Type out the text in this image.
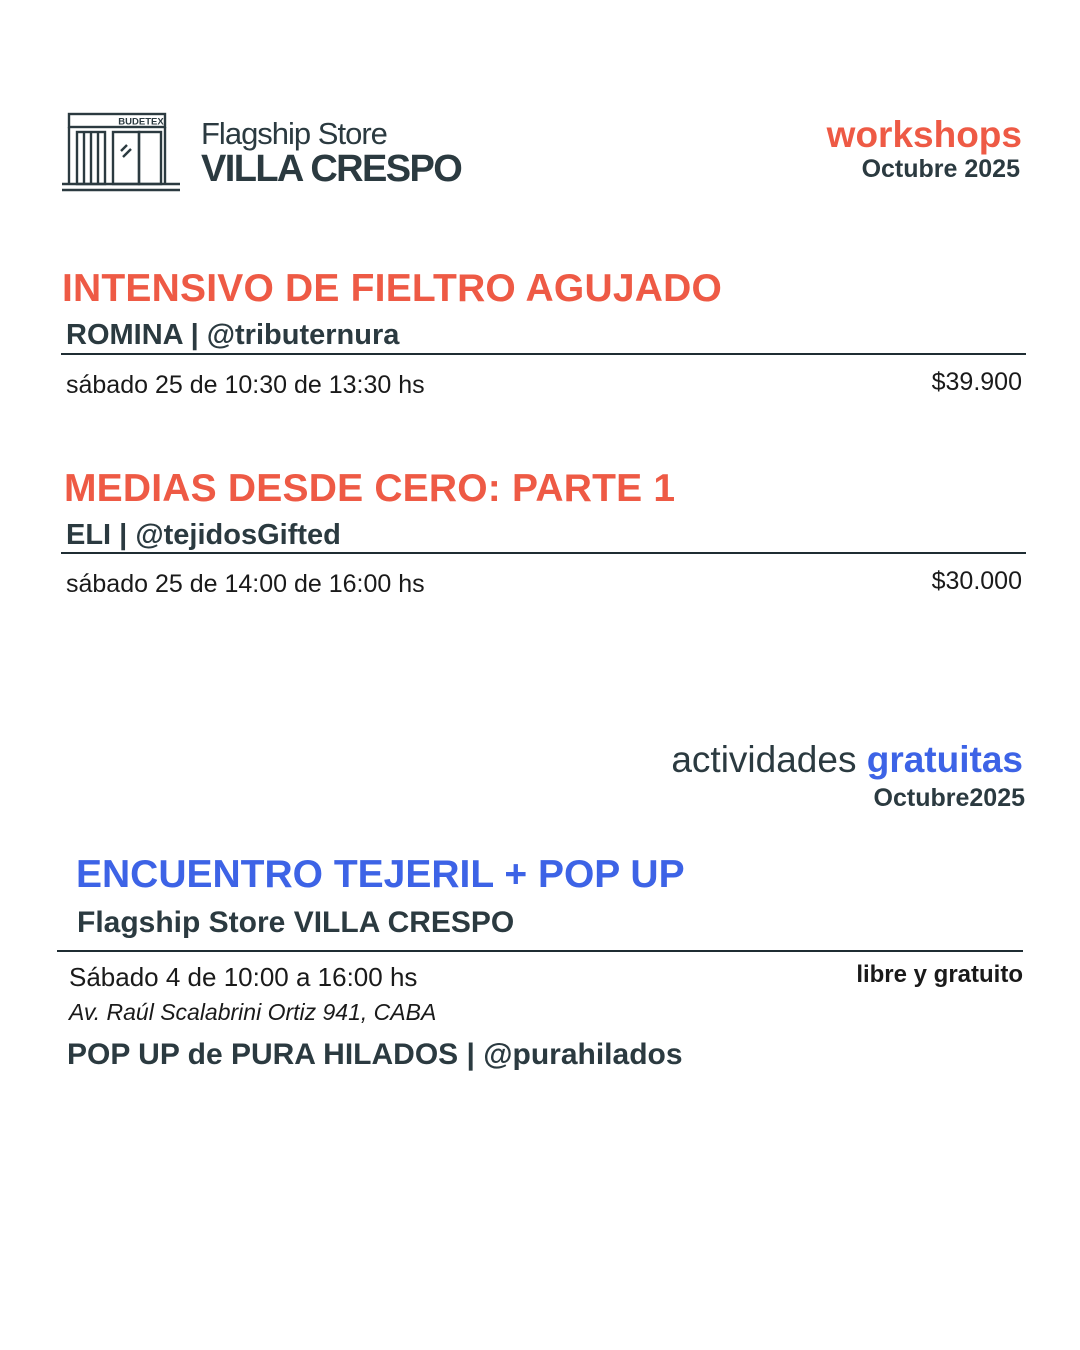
BUDETEX Flagship Store
VILLA CRESPO
workshops
Octubre 2025
INTENSIVO DE FIELTRO AGUJADO
ROMINA | @tributernura
sábado 25 de 10:30 de 13:30 hs	$39.900
MEDIAS DESDE CERO: PARTE 1
ELI | @tejidosGifted
sábado 25 de 14:00 de 16:00 hs	$30.000
actividades gratuitas
Octubre2025
ENCUENTRO TEJERIL + POP UP
Flagship Store VILLA CRESPO
Sábado 4 de 10:00 a 16:00 hs	libre y gratuito
Av. Raúl Scalabrini Ortiz 941, CABA
POP UP de PURA HILADOS | @purahilados
